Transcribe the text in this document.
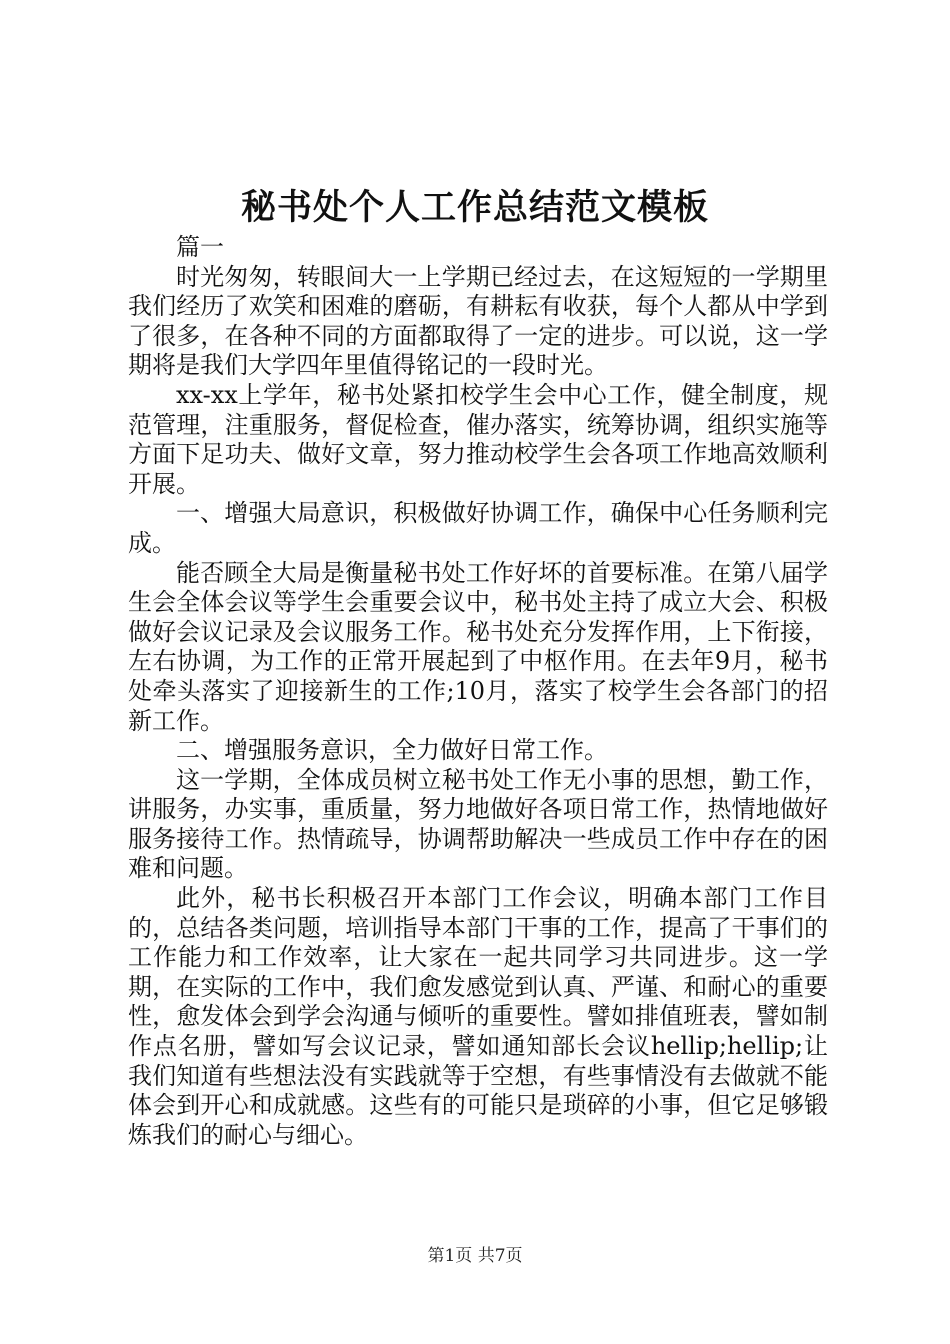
秘书处个人工作总结范文模板

篇一

时光匆匆，转眼间大一上学期已经过去，在这短短的一学期里我们经历了欢笑和困难的磨砺，有耕耘有收获，每个人都从中学到了很多，在各种不同的方面都取得了一定的进步。可以说，这一学期将是我们大学四年里值得铭记的一段时光。

xx-xx上学年，秘书处紧扣校学生会中心工作，健全制度，规范管理，注重服务，督促检查，催办落实，统筹协调，组织实施等方面下足功夫、做好文章，努力推动校学生会各项工作地高效顺利开展。

一、增强大局意识，积极做好协调工作，确保中心任务顺利完成。

能否顾全大局是衡量秘书处工作好坏的首要标准。在第八届学生会全体会议等学生会重要会议中，秘书处主持了成立大会、积极做好会议记录及会议服务工作。秘书处充分发挥作用，上下衔接，左右协调，为工作的正常开展起到了中枢作用。在去年9月，秘书处牵头落实了迎接新生的工作;10月，落实了校学生会各部门的招新工作。

二、增强服务意识，全力做好日常工作。

这一学期，全体成员树立秘书处工作无小事的思想，勤工作，讲服务，办实事，重质量，努力地做好各项日常工作，热情地做好服务接待工作。热情疏导，协调帮助解决一些成员工作中存在的困难和问题。

此外，秘书长积极召开本部门工作会议，明确本部门工作目的，总结各类问题，培训指导本部门干事的工作，提高了干事们的工作能力和工作效率，让大家在一起共同学习共同进步。这一学期，在实际的工作中，我们愈发感觉到认真、严谨、和耐心的重要性，愈发体会到学会沟通与倾听的重要性。譬如排值班表，譬如制作点名册，譬如写会议记录，譬如通知部长会议hellip;hellip;让我们知道有些想法没有实践就等于空想，有些事情没有去做就不能体会到开心和成就感。这些有的可能只是琐碎的小事，但它足够锻炼我们的耐心与细心。

第1页 共7页
